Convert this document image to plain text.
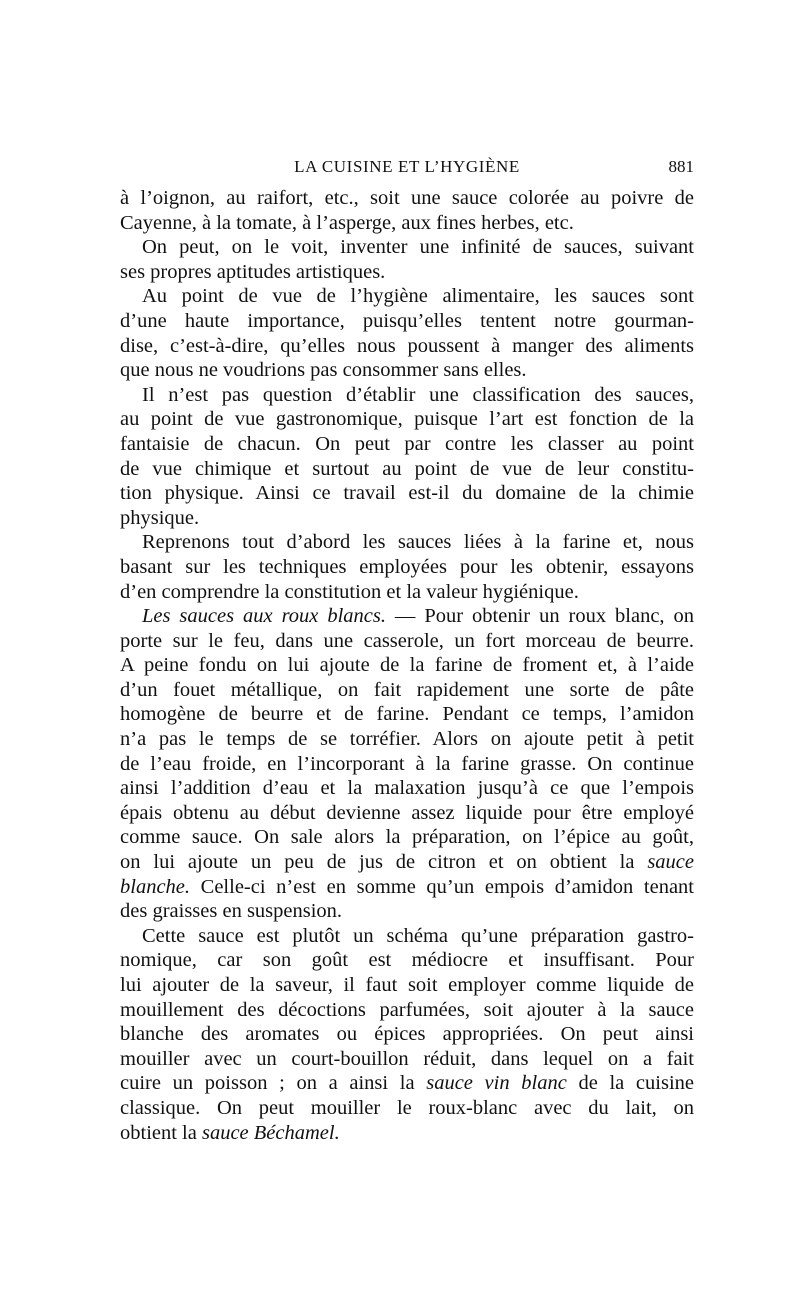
LA CUISINE ET L’HYGIÈNE	881
à l’oignon, au raifort, etc., soit une sauce colorée au poivre de
Cayenne, à la tomate, à l’asperge, aux fines herbes, etc.
On peut, on le voit, inventer une infinité de sauces, suivant
ses propres aptitudes artistiques.
Au point de vue de l’hygiène alimentaire, les sauces sont
d’une haute importance, puisqu’elles tentent notre gourman-
dise, c’est-à-dire, qu’elles nous poussent à manger des aliments
que nous ne voudrions pas consommer sans elles.
Il n’est pas question d’établir une classification des sauces,
au point de vue gastronomique, puisque l’art est fonction de la
fantaisie de chacun. On peut par contre les classer au point
de vue chimique et surtout au point de vue de leur constitu-
tion physique. Ainsi ce travail est-il du domaine de la chimie
physique.
Reprenons tout d’abord les sauces liées à la farine et, nous
basant sur les techniques employées pour les obtenir, essayons
d’en comprendre la constitution et la valeur hygiénique.
Les sauces aux roux blancs. — Pour obtenir un roux blanc, on
porte sur le feu, dans une casserole, un fort morceau de beurre.
A peine fondu on lui ajoute de la farine de froment et, à l’aide
d’un fouet métallique, on fait rapidement une sorte de pâte
homogène de beurre et de farine. Pendant ce temps, l’amidon
n’a pas le temps de se torréfier. Alors on ajoute petit à petit
de l’eau froide, en l’incorporant à la farine grasse. On continue
ainsi l’addition d’eau et la malaxation jusqu’à ce que l’empois
épais obtenu au début devienne assez liquide pour être employé
comme sauce. On sale alors la préparation, on l’épice au goût,
on lui ajoute un peu de jus de citron et on obtient la sauce
blanche. Celle-ci n’est en somme qu’un empois d’amidon tenant
des graisses en suspension.
Cette sauce est plutôt un schéma qu’une préparation gastro-
nomique, car son goût est médiocre et insuffisant. Pour
lui ajouter de la saveur, il faut soit employer comme liquide de
mouillement des décoctions parfumées, soit ajouter à la sauce
blanche des aromates ou épices appropriées. On peut ainsi
mouiller avec un court-bouillon réduit, dans lequel on a fait
cuire un poisson ; on a ainsi la sauce vin blanc de la cuisine
classique. On peut mouiller le roux-blanc avec du lait, on
obtient la sauce Béchamel.
